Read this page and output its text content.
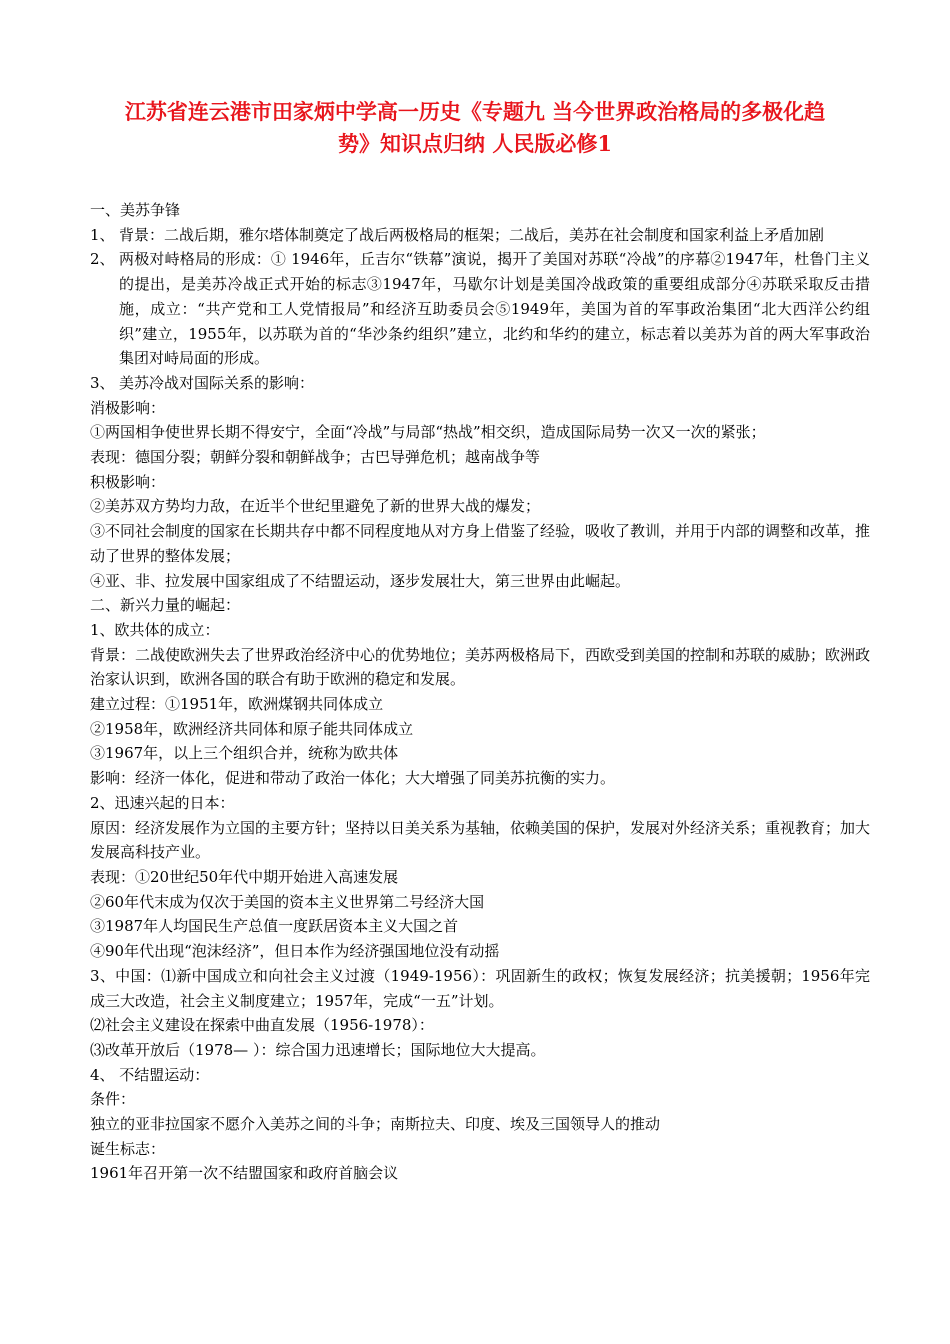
江苏省连云港市田家炳中学高一历史《专题九 当今世界政治格局的多极化趋
势》知识点归纳 人民版必修1

一、美苏争锋

1、 背景：二战后期，雅尔塔体制奠定了战后两极格局的框架；二战后，美苏在社会制度和国家利益上矛盾加剧

2、 两极对峙格局的形成：① 1946年，丘吉尔“铁幕”演说，揭开了美国对苏联“冷战”的序幕②1947年，杜鲁门主义的提出，是美苏冷战正式开始的标志③1947年，马歇尔计划是美国冷战政策的重要组成部分④苏联采取反击措施，成立：“共产党和工人党情报局”和经济互助委员会⑤1949年，美国为首的军事政治集团“北大西洋公约组织”建立，1955年，以苏联为首的“华沙条约组织”建立，北约和华约的建立，标志着以美苏为首的两大军事政治集团对峙局面的形成。

3、 美苏冷战对国际关系的影响：

消极影响：

①两国相争使世界长期不得安宁，全面“冷战”与局部“热战”相交织，造成国际局势一次又一次的紧张；

表现：德国分裂；朝鲜分裂和朝鲜战争；古巴导弹危机；越南战争等

积极影响：

②美苏双方势均力敌，在近半个世纪里避免了新的世界大战的爆发；

③不同社会制度的国家在长期共存中都不同程度地从对方身上借鉴了经验，吸收了教训，并用于内部的调整和改革，推动了世界的整体发展；

④亚、非、拉发展中国家组成了不结盟运动，逐步发展壮大，第三世界由此崛起。

二、新兴力量的崛起：

1、欧共体的成立：

背景：二战使欧洲失去了世界政治经济中心的优势地位；美苏两极格局下，西欧受到美国的控制和苏联的威胁；欧洲政治家认识到，欧洲各国的联合有助于欧洲的稳定和发展。

建立过程：①1951年，欧洲煤钢共同体成立

②1958年，欧洲经济共同体和原子能共同体成立

③1967年，以上三个组织合并，统称为欧共体

影响：经济一体化，促进和带动了政治一体化；大大增强了同美苏抗衡的实力。

2、迅速兴起的日本：

原因：经济发展作为立国的主要方针；坚持以日美关系为基轴，依赖美国的保护，发展对外经济关系；重视教育；加大发展高科技产业。

表现：①20世纪50年代中期开始进入高速发展

②60年代末成为仅次于美国的资本主义世界第二号经济大国

③1987年人均国民生产总值一度跃居资本主义大国之首

④90年代出现“泡沫经济”，但日本作为经济强国地位没有动摇

3、中国：⑴新中国成立和向社会主义过渡（1949-1956）：巩固新生的政权；恢复发展经济；抗美援朝；1956年完成三大改造，社会主义制度建立；1957年，完成“一五”计划。

⑵社会主义建设在探索中曲直发展（1956-1978）：

⑶改革开放后（1978— ）：综合国力迅速增长；国际地位大大提高。

4、 不结盟运动：

条件：

独立的亚非拉国家不愿介入美苏之间的斗争；南斯拉夫、印度、埃及三国领导人的推动

诞生标志：

1961年召开第一次不结盟国家和政府首脑会议
